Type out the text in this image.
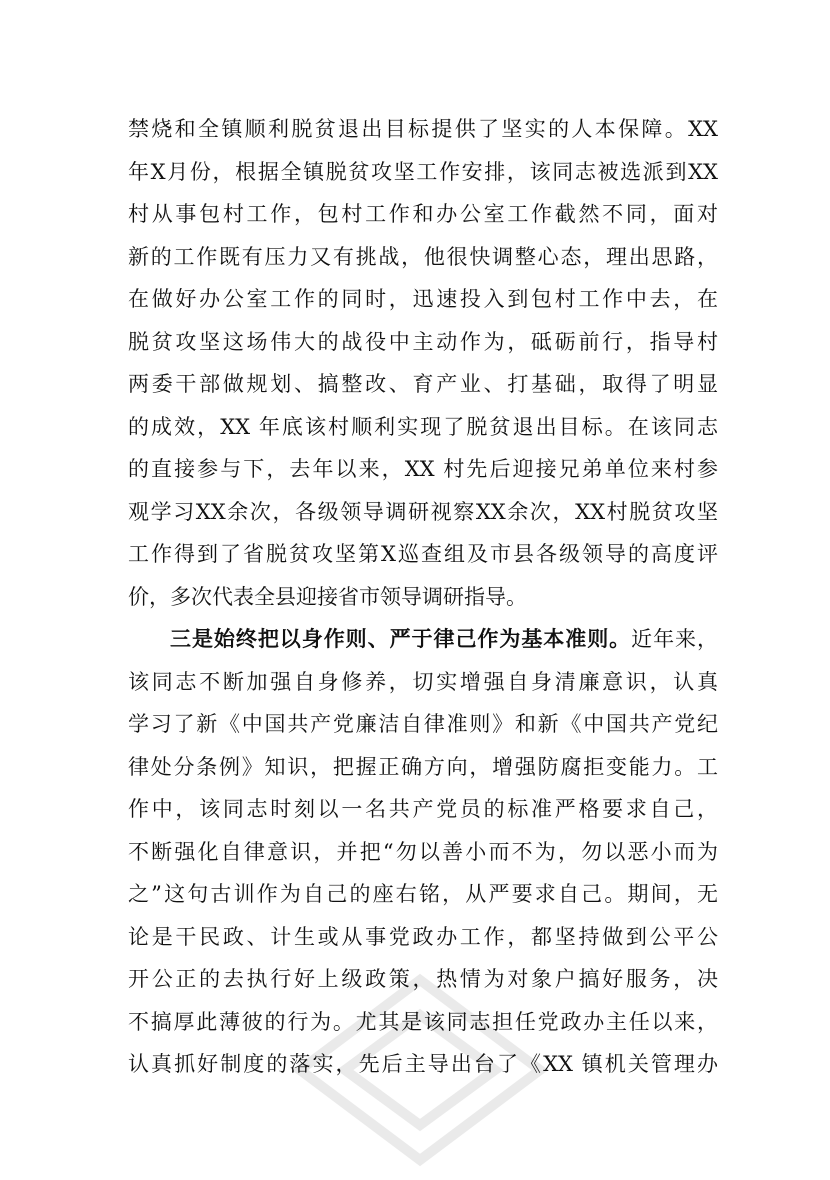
禁烧和全镇顺利脱贫退出目标提供了坚实的人本保障。XX
年X月份，根据全镇脱贫攻坚工作安排，该同志被选派到XX
村从事包村工作，包村工作和办公室工作截然不同，面对
新的工作既有压力又有挑战，他很快调整心态，理出思路，
在做好办公室工作的同时，迅速投入到包村工作中去，在
脱贫攻坚这场伟大的战役中主动作为，砥砺前行，指导村
两委干部做规划、搞整改、育产业、打基础，取得了明显
的成效，XX 年底该村顺利实现了脱贫退出目标。在该同志
的直接参与下，去年以来，XX 村先后迎接兄弟单位来村参
观学习XX余次，各级领导调研视察XX余次，XX村脱贫攻坚
工作得到了省脱贫攻坚第X巡查组及市县各级领导的高度评
价，多次代表全县迎接省市领导调研指导。
三是始终把以身作则、严于律己作为基本准则。近年来，
该同志不断加强自身修养，切实增强自身清廉意识，认真
学习了新《中国共产党廉洁自律准则》和新《中国共产党纪
律处分条例》知识，把握正确方向，增强防腐拒变能力。工
作中，该同志时刻以一名共产党员的标准严格要求自己，
不断强化自律意识，并把“勿以善小而不为，勿以恶小而为
之”这句古训作为自己的座右铭，从严要求自己。期间，无
论是干民政、计生或从事党政办工作，都坚持做到公平公
开公正的去执行好上级政策，热情为对象户搞好服务，决
不搞厚此薄彼的行为。尤其是该同志担任党政办主任以来，
认真抓好制度的落实，先后主导出台了《XX 镇机关管理办
